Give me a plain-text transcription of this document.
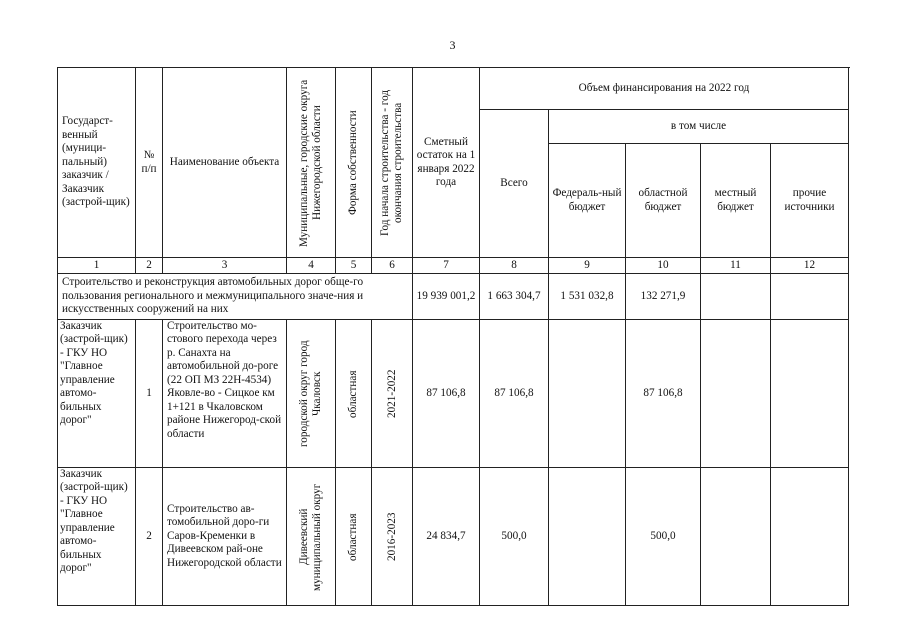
3
Государст-венный (муници-пальный) заказчик / Заказчик (застрой-щик)	№ п/п	Наименование объекта	Муниципальные, городские округа Нижегородской области	Форма собственности	Год начала строительства - год окончания строительства	Сметный остаток на 1 января 2022 года	Объем финансирования на 2022 год				
							Всего	в том числе			
								Федераль-ный бюджет	областной бюджет	местный бюджет	прочие источники
1	2	3	4	5	6	7	8	9	10	11	12
Строительство и реконструкция автомобильных дорог обще-го пользования регионального и межмуниципального значе-ния и искусственных сооружений на них						19 939 001,2	1 663 304,7	1 531 032,8	132 271,9		
Заказчик (застрой-щик) - ГКУ НО "Главное управление автомо-бильных дорог"	1	Строительство мо-стового перехода через р. Санахта на автомобильной до-роге (22 ОП МЗ 22Н-4534) Яковле-во - Сицкое км 1+121 в Чкаловском районе Нижегород-ской области	городской округ город Чкаловск	областная	2021-2022	87 106,8	87 106,8		87 106,8		
Заказчик (застрой-щик) - ГКУ НО "Главное управление автомо-бильных дорог"	2	Строительство ав-томобильной доро-ги Саров-Кременки в Дивеевском рай-оне Нижегородской области	Дивеевский муниципальный округ	областная	2016-2023	24 834,7	500,0		500,0		
